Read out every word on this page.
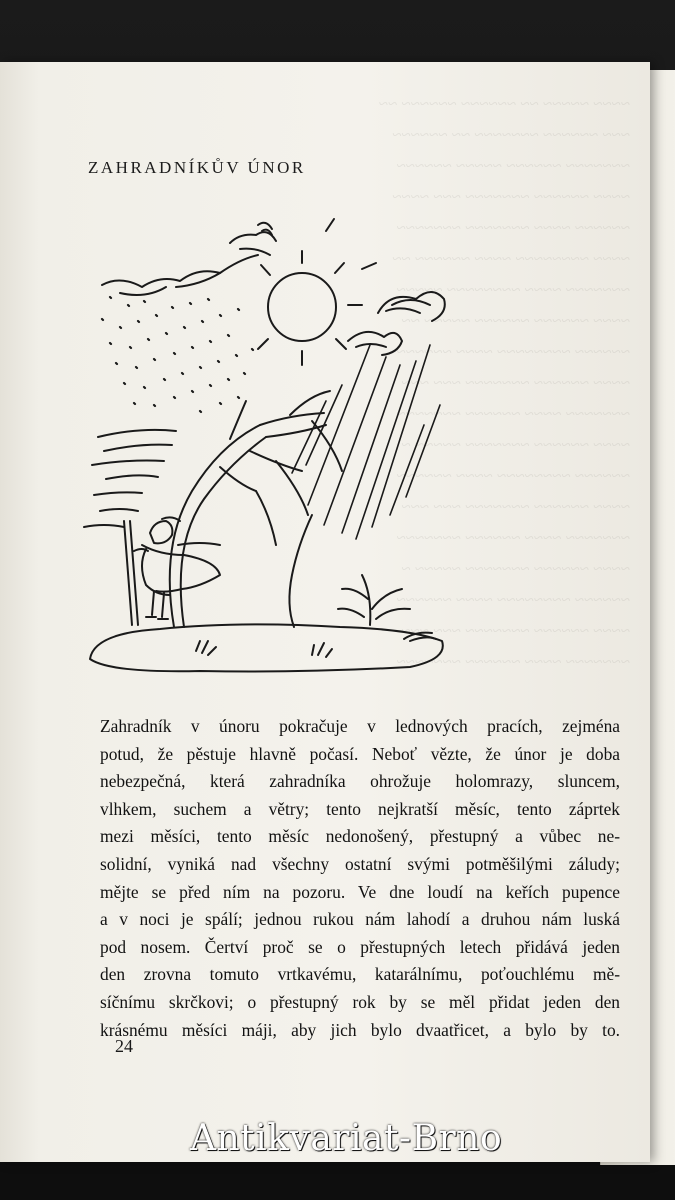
~~~~ ~~~~~ ~~ ~~~~~~ ~~~~~~ ~~
~~~ ~~~~~~ ~~~~~~~ ~~ ~~~~~~
~~~~~~~ ~~~~~~ ~~~~~ ~~~~~~
~~~~ ~~~~~~ ~~~~~~~ ~~~ ~~~~
~~~~~~ ~~~~ ~~~~~~~ ~~~~~~~
~~~~ ~~~~~~~~ ~~~~ ~~~~~~ ~~
~~~~~~~ ~~~~ ~~~~~~~~ ~~~~~
~~~~ ~~~~~~ ~~~~~~ ~~~~~ ~~
~~~~~~ ~~~~~~~~ ~~~~ ~~~~~~
~~~~ ~~~~~~ ~~~~~~~ ~~~ ~~~
~~~~~~~ ~~~~ ~~~~~~ ~~~~~~~
~~~~ ~~~~~~ ~~~~~~~ ~~~~~ ~
~~~~~~ ~~~~~~~~ ~~~~ ~~~~~~
~~~~ ~~~~~~ ~~~~~~~ ~~~ ~~~
~~~~~~~ ~~~~ ~~~~~~ ~~~~~~~
~~~~ ~~~~~~ ~~~~~~~ ~~~~~ ~
~~~~~~ ~~~~~~~~ ~~~~ ~~~~~~
~~~~ ~~~~~~ ~~~~~~~ ~~~ ~~~
~~~~~~~ ~~~~ ~~~~~~ ~~~~~~~
ZAHRADNÍKŮV ÚNOR
Zahradník v únoru pokračuje v lednových pracích, zejména
potud, že pěstuje hlavně počasí. Neboť vězte, že únor je doba
nebezpečná, která zahradníka ohrožuje holomrazy, sluncem,
vlhkem, suchem a větry; tento nejkratší měsíc, tento záprtek
mezi měsíci, tento měsíc nedonošený, přestupný a vůbec ne-
solidní, vyniká nad všechny ostatní svými potměšilými záludy;
mějte se před ním na pozoru. Ve dne loudí na keřích pupence
a v noci je spálí; jednou rukou nám lahodí a druhou nám luská
pod nosem. Čertví proč se o přestupných letech přidává jeden
den zrovna tomuto vrtkavému, katarálnímu, poťouchlému mě-
síčnímu skrčkovi; o přestupný rok by se měl přidat jeden den
krásnému měsíci máji, aby jich bylo dvaatřicet, a bylo by to.
24
Antikvariat-Brno
